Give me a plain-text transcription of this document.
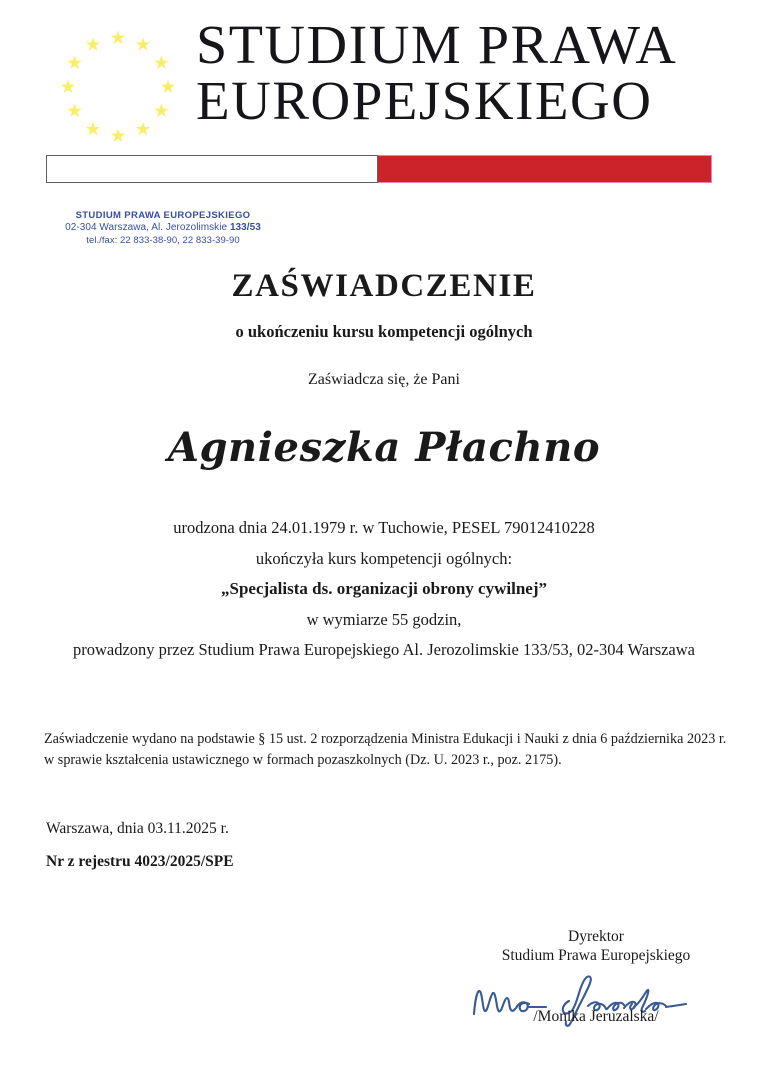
STUDIUM PRAWA
EUROPEJSKIEGO
STUDIUM PRAWA EUROPEJSKIEGO
02-304 Warszawa, Al. Jerozolimskie 133/53
tel./fax: 22 833-38-90, 22 833-39-90
ZAŚWIADCZENIE
o ukończeniu kursu kompetencji ogólnych
Zaświadcza się, że Pani
Agnieszka Płachno
urodzona dnia 24.01.1979 r. w Tuchowie, PESEL 79012410228
ukończyła kurs kompetencji ogólnych:
„Specjalista ds. organizacji obrony cywilnej”
w wymiarze 55 godzin,
prowadzony przez Studium Prawa Europejskiego Al. Jerozolimskie 133/53, 02-304 Warszawa
Zaświadczenie wydano na podstawie § 15 ust. 2 rozporządzenia Ministra Edukacji i Nauki z dnia 6 października 2023 r.
w sprawie kształcenia ustawicznego w formach pozaszkolnych (Dz. U. 2023 r., poz. 2175).
Warszawa, dnia 03.11.2025 r.
Nr z rejestru 4023/2025/SPE
Dyrektor
Studium Prawa Europejskiego
/Monika Jeruzalska/
